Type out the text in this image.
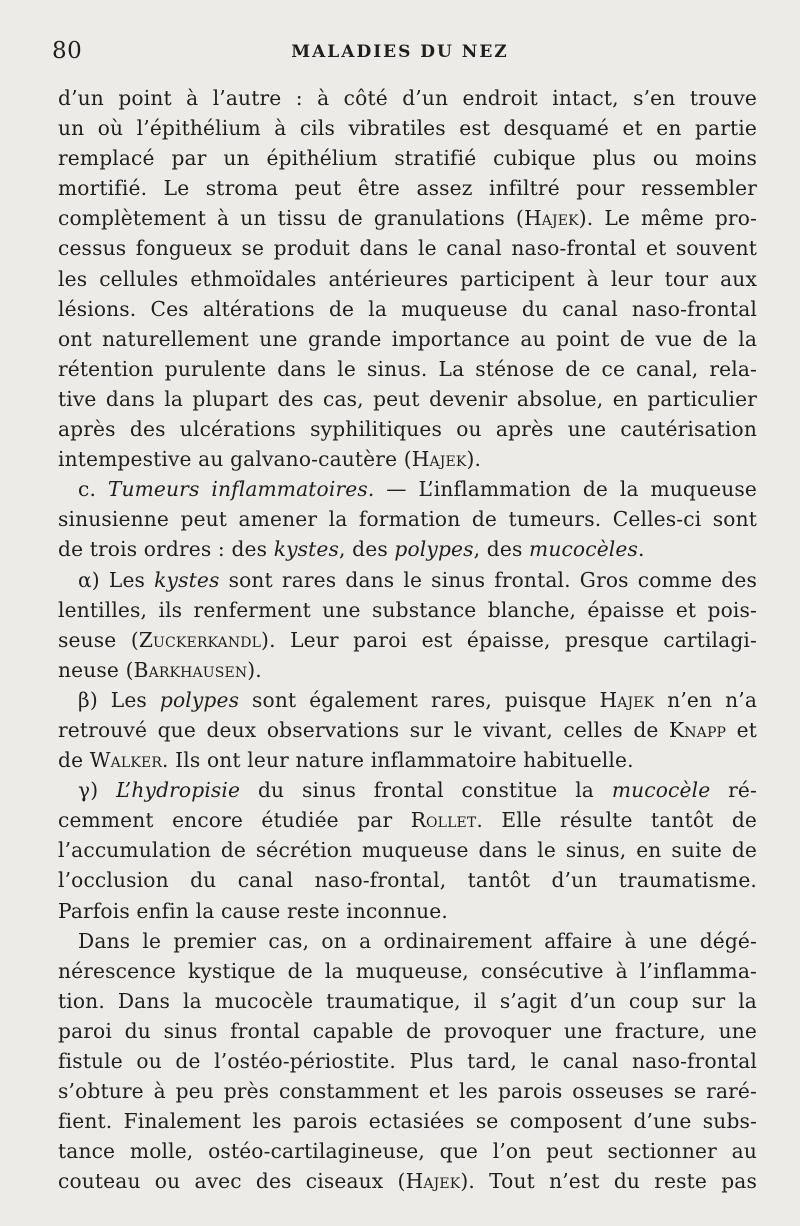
80	MALADIES DU NEZ
d’un point à l’autre : à côté d’un endroit intact, s’en trouve
un où l’épithélium à cils vibratiles est desquamé et en partie
remplacé par un épithélium stratifié cubique plus ou moins
mortifié. Le stroma peut être assez infiltré pour ressembler
complètement à un tissu de granulations (Hajek). Le même pro-
cessus fongueux se produit dans le canal naso-frontal et souvent
les cellules ethmoïdales antérieures participent à leur tour aux
lésions. Ces altérations de la muqueuse du canal naso-frontal
ont naturellement une grande importance au point de vue de la
rétention purulente dans le sinus. La sténose de ce canal, rela-
tive dans la plupart des cas, peut devenir absolue, en particulier
après des ulcérations syphilitiques ou après une cautérisation
intempestive au galvano-cautère (Hajek).
c. Tumeurs inflammatoires. — L’inflammation de la muqueuse
sinusienne peut amener la formation de tumeurs. Celles-ci sont
de trois ordres : des kystes, des polypes, des mucocèles.
α) Les kystes sont rares dans le sinus frontal. Gros comme des
lentilles, ils renferment une substance blanche, épaisse et pois-
seuse (Zuckerkandl). Leur paroi est épaisse, presque cartilagi-
neuse (Barkhausen).
β) Les polypes sont également rares, puisque Hajek n’en n’a
retrouvé que deux observations sur le vivant, celles de Knapp et
de Walker. Ils ont leur nature inflammatoire habituelle.
γ) L’hydropisie du sinus frontal constitue la mucocèle ré-
cemment encore étudiée par Rollet. Elle résulte tantôt de
l’accumulation de sécrétion muqueuse dans le sinus, en suite de
l’occlusion du canal naso-frontal, tantôt d’un traumatisme.
Parfois enfin la cause reste inconnue.
Dans le premier cas, on a ordinairement affaire à une dégé-
nérescence kystique de la muqueuse, consécutive à l’inflamma-
tion. Dans la mucocèle traumatique, il s’agit d’un coup sur la
paroi du sinus frontal capable de provoquer une fracture, une
fistule ou de l’ostéo-périostite. Plus tard, le canal naso-frontal
s’obture à peu près constamment et les parois osseuses se raré-
fient. Finalement les parois ectasiées se composent d’une subs-
tance molle, ostéo-cartilagineuse, que l’on peut sectionner au
couteau ou avec des ciseaux (Hajek). Tout n’est du reste pas
